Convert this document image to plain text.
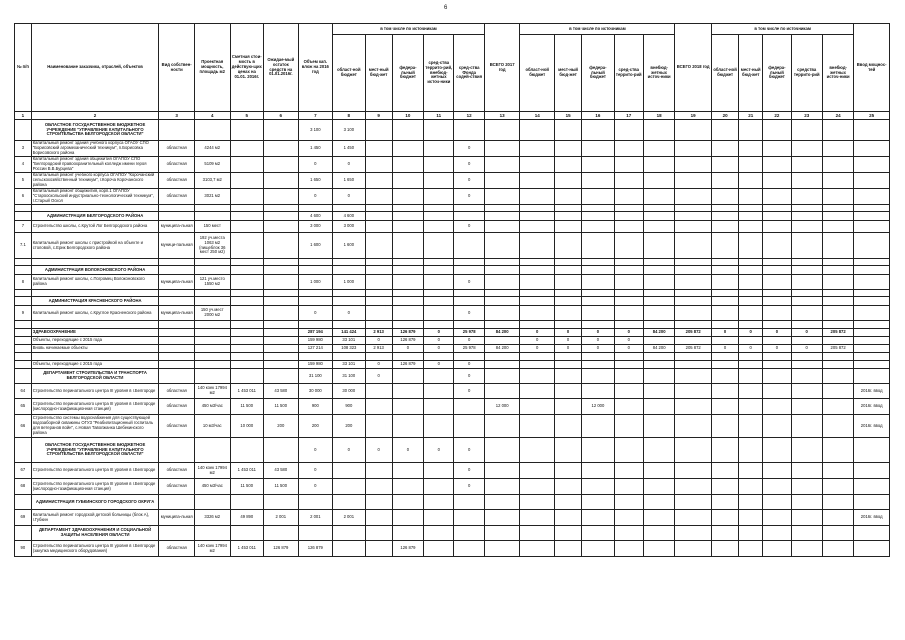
6
№ п/п	Наименование заказчика, отраслей, объектов	Вид собствен-ности	Проектная мощность, площадь м2	Сметная стои-мость в действую-щих ценах на 01.01. 2016г.	Ожидае-мый остаток средств на 01.01.2016г.	Объем кап. влож на 2016 год	в том числе по источникам					ВСЕГО 2017 год	в том числе по источникам					ВСЕГО 2018 год	в том числе по источникам					Ввод мощнос-тей
							област-ной бюджет	мест-ный бюд-жет	федера-льный бюджет	сред-ства террито-рий, внебюд-жетных источ-ники	сред-ства Фонда содей-ствия		област-ной бюджет	мест-ный бюд-жет	федера-льный бюджет	сред-ства террито-рий	внебюд-жетных источ-ники		област-ной бюджет	мест-ный бюд-жет	федера-льный бюджет	средства террито-рий	внебюд-жетных источ-ники	
1	2	3	4	5	6	7	8	9	10	11	12	13	14	15	16	17	18	19	20	21	22	23	24	25
	ОБЛАСТНОЕ ГОСУДАРСТВЕННОЕ БЮДЖЕТНОЕ УЧРЕЖДЕНИЕ "УПРАВЛЕНИЕ КАПИТАЛЬНОГО СТРОИТЕЛЬСТВА БЕЛГОРОДСКОЙ ОБЛАСТИ"					3 100	3 100																	
3	Капитальный ремонт здания учебного корпуса ОГАОУ СПО "Борисовский агромеханический техникум", п.Борисовка Борисовского района	областная	4244 м2			1 450	1 450				0													
4	Капитальный ремонт здания общежития ОГАПОУ СПО "Белгородский правоохранительный колледж имени героя России В.В.Бурцева"	областная	5109 м2			0	0				0													
5	Капитальный ремонт учебного корпуса ОГАПОУ "Корочанский сельскохозяйственный техникум", г.Короча Корочанского района	областная	3103,7 м2			1 650	1 650				0													
6	Капитальный ремонт общежития, корп.1 ОГАПОУ "Старооскольский индустриально-технологический техникум", г.Старый Оскол	областная	3021 м2			0	0				0													

	АДМИНИСТРАЦИЯ БЕЛГОРОДСКОГО РАЙОНА					4 600	4 600																	
7	Строительство школы, с.Крутой Лог Белгородского района	муниципа-льная	150 мест			3 000	3 000				0													
7.1	Капитальный ремонт школы с пристройкой на объекте и столовой, с.Ерик Белгородского района	муници-пальная	192 уч.места 1063 м2 (пищеблок 36 мест 250 м2)			1 600	1 600																	

	АДМИНИСТРАЦИЯ ВОЛОКОНОВСКОГО РАЙОНА																							
8	Капитальный ремонт школы, с.Погромец Волоконовского района	муниципа-льная	121 уч.место 1550 м2			1 000	1 000				0													

	АДМИНИСТРАЦИЯ КРАСНЕНСКОГО РАЙОНА																							
9	Капитальный ремонт школы, с.Круглое Красненского района	муниципа-льная	150 уч.мест 2000 м2			0	0				0													

	ЗДРАВООХРАНЕНИЕ					287 194	141 424	2 913	126 879	0	25 978	84 200	0	0	0	0	84 200	205 872	0	0	0	0	205 872	
	Объекты, переходящие с 2015 года					159 980	33 101	0	126 879	0	0		0	0	0	0								
	Вновь начинаемые объекты					127 214	108 323	2 913	0	0	25 978	84 200	0	0	0	0	84 200	205 872	0	0	0	0	205 872	

	Объекты, переходящие с 2015 года					159 980	33 101	0	126 879	0	0													
	ДЕПАРТАМЕНТ СТРОИТЕЛЬСТВА И ТРАНСПОРТА БЕЛГОРОДСКОЙ ОБЛАСТИ					31 100	31 100	0			0													
64	Строительство перинатального центра III уровня в г.Белгороде	областная	140 коек 17994 м2	1 453 011	43 580	30 000	30 000				0													2016г. ввод
65	Строительство перинатального центра III уровня в г.Белгороде (кислородно-газификационная станция)	областная	450 м3/час	11 500	11 500	900	900					12 000			12 000									2016г. ввод
66	Строительство системы водоснабжения для существующей водозаборной скважины ОГУЗ "Реабилитационный госпиталь для ветеранов войн", с.Новая Таволжанка Шебекинского района	областная	10 м3/час	10 000	200	200	200																	2016г. ввод
	ОБЛАСТНОЕ ГОСУДАРСТВЕННОЕ БЮДЖЕТНОЕ УЧРЕЖДЕНИЕ "УПРАВЛЕНИЕ КАПИТАЛЬНОГО СТРОИТЕЛЬСТВА БЕЛГОРОДСКОЙ ОБЛАСТИ"					0	0	0	0	0	0													
67	Строительство перинатального центра III уровня в г.Белгороде	областная	140 коек 17994 м2	1 453 011	43 580	0					0													
68	Строительство перинатального центра III уровня в г.Белгороде (кислородно-газификационная станция)	областная	450 м3/час	11 500	11 500	0					0													
	АДМИНИСТРАЦИЯ ГУБКИНСКОГО ГОРОДСКОГО ОКРУГА																							
69	Капитальный ремонт городской детской больницы (блок А), г.Губкин	муниципа-льная	3326 м2	49 890	2 001	2 001	2 001																	2016г. ввод
	ДЕПАРТАМЕНТ ЗДРАВООХРАНЕНИЯ И СОЦИАЛЬНОЙ ЗАЩИТЫ НАСЕЛЕНИЯ ОБЛАСТИ																							
90	Строительство перинатального центра III уровня в г.Белгороде (закупка медицинского оборудования)	областная	140 коек 17994 м2	1 453 011	126 879	126 879			126 879															
